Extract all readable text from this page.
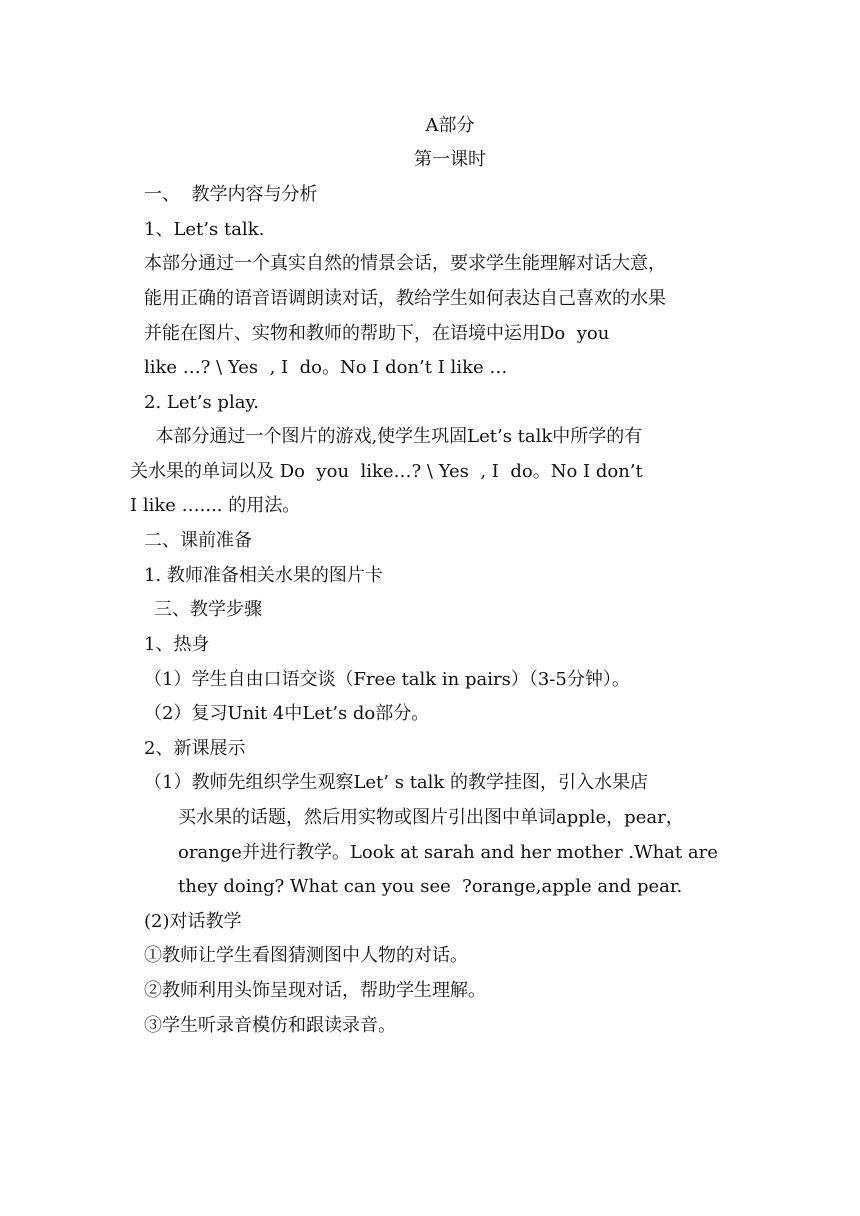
A部分
第一课时
一、  教学内容与分析
1、Let’s talk.
本部分通过一个真实自然的情景会话，要求学生能理解对话大意，
能用正确的语音语调朗读对话，教给学生如何表达自己喜欢的水果
并能在图片、实物和教师的帮助下，在语境中运用Do  you
like …? \ Yes  , I  do。No I don’t I like …
2. Let’s play.
本部分通过一个图片的游戏,使学生巩固Let’s talk中所学的有
关水果的单词以及 Do  you  like…? \ Yes  , I  do。No I don’t
I like ….... 的用法。
二、课前准备
1. 教师准备相关水果的图片卡
三、教学步骤
1、热身
（1）学生自由口语交谈（Free talk in pairs）（3-5分钟）。
（2）复习Unit 4中Let’s do部分。
2、新课展示
（1）教师先组织学生观察Let’ s talk 的教学挂图，引入水果店
买水果的话题，然后用实物或图片引出图中单词apple，pear，
orange并进行教学。Look at sarah and her mother .What are
they doing? What can you see  ?orange,apple and pear.
(2)对话教学
①教师让学生看图猜测图中人物的对话。
②教师利用头饰呈现对话，帮助学生理解。
③学生听录音模仿和跟读录音。
